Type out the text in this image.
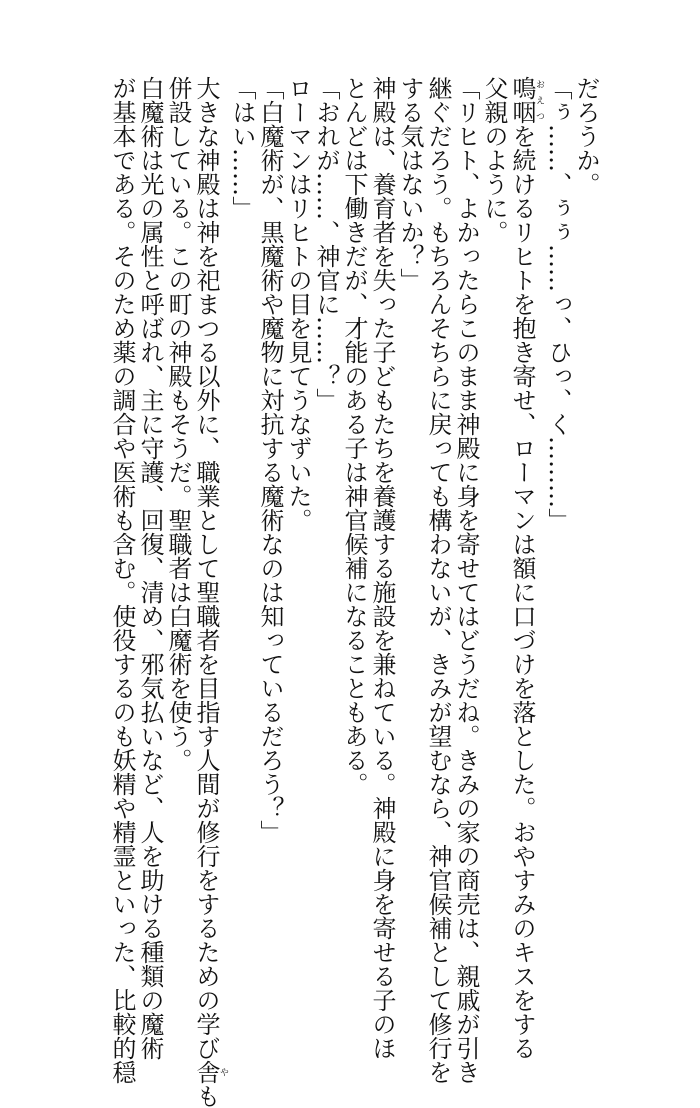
だろうか。
「ぅ……、ぅぅ……っ、ひっ、く………」
鳴咽おえつを続けるリヒトを抱き寄せ、ローマンは額に口づけを落とした。おやすみのキスをする
父親のように。
「リヒト、よかったらこのまま神殿に身を寄せてはどうだね。きみの家の商売は、親戚が引き
継ぐだろう。もちろんそちらに戻っても構わないが、きみが望むなら、神官候補として修行を
する気はないか？」
神殿は、養育者を失った子どもたちを養護する施設を兼ねている。神殿に身を寄せる子のほ
とんどは下働きだが、才能のある子は神官候補になることもある。
「おれが……、神官に……？」
ローマンはリヒトの目を見てうなずいた。
「白魔術が、黒魔術や魔物に対抗する魔術なのは知っているだろう？」
「はい……」
大きな神殿は神を祀まつる以外に、職業として聖職者を目指す人間が修行をするための学び舎やも
併設している。この町の神殿もそうだ。聖職者は白魔術を使う。
白魔術は光の属性と呼ばれ、主に守護、回復、清め、邪気払いなど、人を助ける種類の魔術
が基本である。そのため薬の調合や医術も含む。使役するのも妖精や精霊といった、比較的穏
